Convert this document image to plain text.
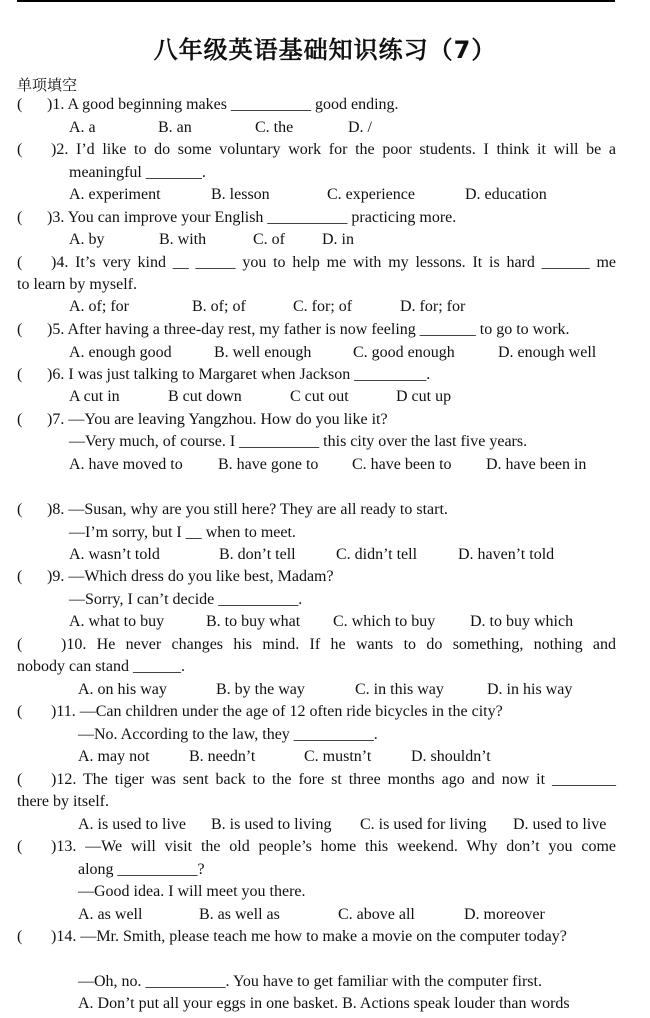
八年级英语基础知识练习（7）
单项填空
( )1. A good beginning makes __________ good ending.
A. a	B. an	C. the	D. /
( )2. I’d like to do some voluntary work for the poor students. I think it will be a
meaningful _______.
A. experiment	B. lesson	C. experience	D. education
( )3. You can improve your English __________ practicing more.
A. by	B. with	C. of D. in
( )4. It’s very kind __ _____ you to help me with my lessons. It is hard ______ me
to learn by myself.
A. of; for	B. of; of	C. for; of	D. for; for
( )5. After having a three-day rest, my father is now feeling _______ to go to work.
A. enough good	B. well enough	C. good enough	D. enough well
( )6. I was just talking to Margaret when Jackson _________.
A cut in	B cut down	C cut out	D cut up
( )7. —You are leaving Yangzhou. How do you like it?
—Very much, of course. I __________ this city over the last five years.
A. have moved to B. have gone to C. have been to D. have been in
( )8. —Susan, why are you still here? They are all ready to start.
—I’m sorry, but I __ when to meet.
A. wasn’t told	B. don’t tell	C. didn’t tell	D. haven’t told
( )9. —Which dress do you like best, Madam?
—Sorry, I can’t decide __________.
A. what to buy	B. to buy what C. which to buy D. to buy which
( )10. He never changes his mind. If he wants to do something, nothing and
nobody can stand ______.
A. on his way	B. by the way	C. in this way	D. in his way
( )11. —Can children under the age of 12 often ride bicycles in the city?
—No. According to the law, they __________.
A. may not B. needn’t	C. mustn’t D. shouldn’t
( )12. The tiger was sent back to the fore st three months ago and now it ________
there by itself.
A. is used to live B. is used to living C. is used for living D. used to live
( )13. —We will visit the old people’s home this weekend. Why don’t you come
along __________?
—Good idea. I will meet you there.
A. as well	B. as well as	C. above all	D. moreover
( )14. —Mr. Smith, please teach me how to make a movie on the computer today?
—Oh, no. __________. You have to get familiar with the computer first.
A. Don’t put all your eggs in one basket. B. Actions speak louder than words
